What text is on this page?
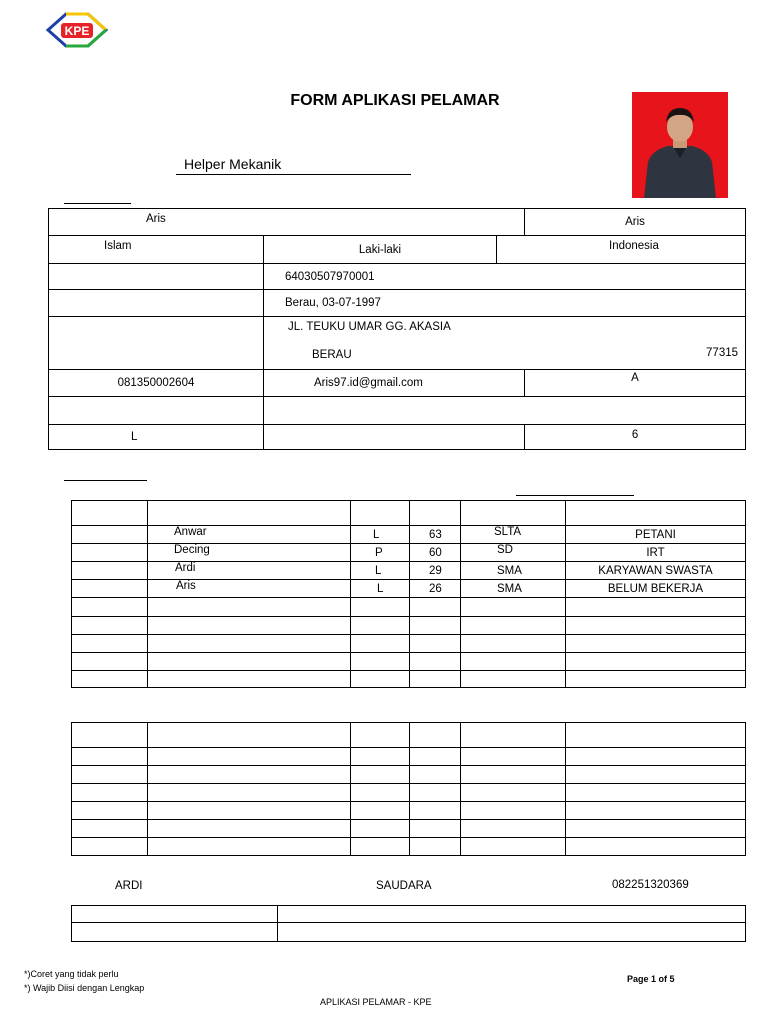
KPE
FORM APLIKASI PELAMAR
Helper Mekanik
Aris			Aris
Islam	Laki-laki	Indonesia	
	64030507970001		
	Berau, 03-07-1997		

	JL. TEUKU UMAR GG. AKASIA
BERAU 77315		

081350002604	Aris97.id@gmail.com		A

L			6

	Anwar	L	63	SLTA	PETANI
	Decing	P	60	SD	IRT
	Ardi	L	29	SMA	KARYAWAN SWASTA
	Aris	L	26	SMA	BELUM BEKERJA

ARDI	SAUDARA	082251320369

*)Coret yang tidak perlu
*) Wajib Diisi dengan Lengkap
Page 1 of 5
APLIKASI PELAMAR - KPE
